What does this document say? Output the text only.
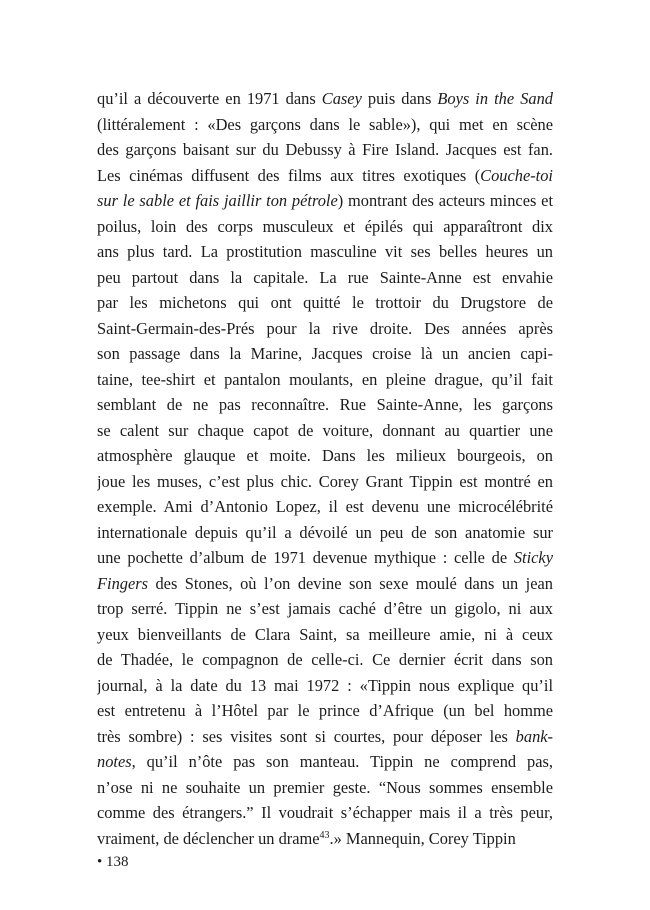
qu’il a découverte en 1971 dans Casey puis dans Boys in the Sand
(littéralement : «Des garçons dans le sable»), qui met en scène
des garçons baisant sur du Debussy à Fire Island. Jacques est fan.
Les cinémas diffusent des films aux titres exotiques (Couche-toi
sur le sable et fais jaillir ton pétrole) montrant des acteurs minces et
poilus, loin des corps musculeux et épilés qui apparaîtront dix
ans plus tard. La prostitution masculine vit ses belles heures un
peu partout dans la capitale. La rue Sainte-Anne est envahie
par les michetons qui ont quitté le trottoir du Drugstore de
Saint-Germain-des-Prés pour la rive droite. Des années après
son passage dans la Marine, Jacques croise là un ancien capi-
taine, tee-shirt et pantalon moulants, en pleine drague, qu’il fait
semblant de ne pas reconnaître. Rue Sainte-Anne, les garçons
se calent sur chaque capot de voiture, donnant au quartier une
atmosphère glauque et moite. Dans les milieux bourgeois, on
joue les muses, c’est plus chic. Corey Grant Tippin est montré en
exemple. Ami d’Antonio Lopez, il est devenu une microcélébrité
internationale depuis qu’il a dévoilé un peu de son anatomie sur
une pochette d’album de 1971 devenue mythique : celle de Sticky
Fingers des Stones, où l’on devine son sexe moulé dans un jean
trop serré. Tippin ne s’est jamais caché d’être un gigolo, ni aux
yeux bienveillants de Clara Saint, sa meilleure amie, ni à ceux
de Thadée, le compagnon de celle-ci. Ce dernier écrit dans son
journal, à la date du 13 mai 1972 : «Tippin nous explique qu’il
est entretenu à l’Hôtel par le prince d’Afrique (un bel homme
très sombre) : ses visites sont si courtes, pour déposer les bank-
notes, qu’il n’ôte pas son manteau. Tippin ne comprend pas,
n’ose ni ne souhaite un premier geste. “Nous sommes ensemble
comme des étrangers.” Il voudrait s’échapper mais il a très peur,
vraiment, de déclencher un drame$^{43}$.» Mannequin, Corey Tippin
• 138
